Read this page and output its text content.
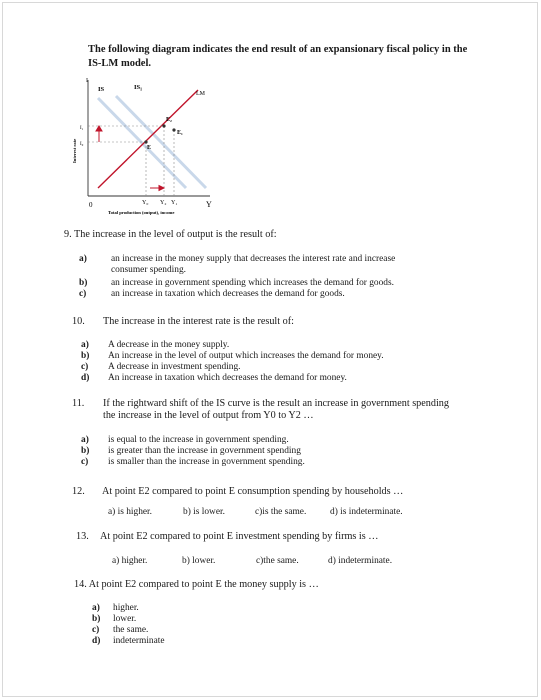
The following diagram indicates the end result of an expansionary fiscal policy in the
IS-LM model.
I
Y
0
IS	IS₁
LM
E
E₂
E₁
I₁
I₀
Y₀ Y₂ Y₁
Total production (output), income
Interest rate
9. The increase in the level of output is the result of:
a)	an increase in the money supply that decreases the interest rate and increase
consumer spending.
b)	an increase in government spending which increases the demand for goods.
c)	an increase in taxation which decreases the demand for goods.
10. The increase in the interest rate is the result of:
a) A decrease in the money supply.
b) An increase in the level of output which increases the demand for money.
c) A decrease in investment spending.
d) An increase in taxation which decreases the demand for money.
11. If the rightward shift of the IS curve is the result an increase in government spending
the increase in the level of output from Y0 to Y2 …
a) is equal to the increase in government spending.
b) is greater than the increase in government spending
c) is smaller than the increase in government spending.
12. At point E2 compared to point E consumption spending by households …
a) is higher.	b) is lower.	c)is the same.	d) is indeterminate.
13. At point E2 compared to point E investment spending by firms is …
a) higher.	b) lower.	c)the same.	d) indeterminate.
14. At point E2 compared to point E the money supply is …
a) higher.
b) lower.
c) the same.
d) indeterminate
